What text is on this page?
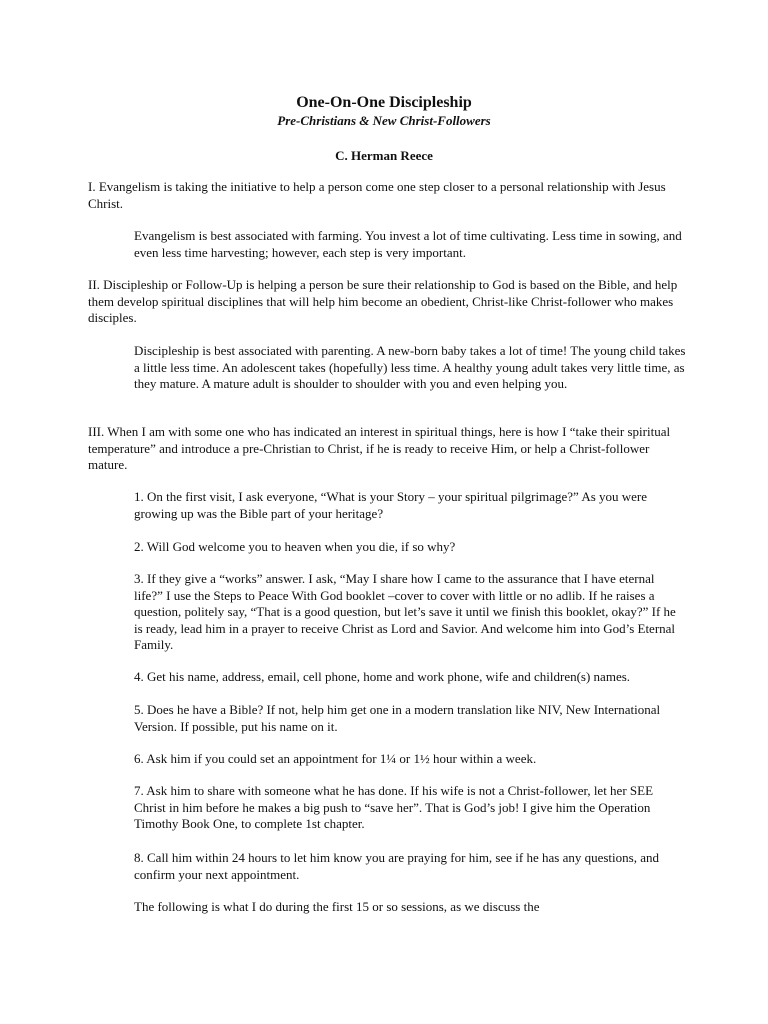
One-On-One Discipleship
Pre-Christians & New Christ-Followers
C. Herman Reece

I. Evangelism is taking the initiative to help a person come one step closer to a personal relationship with Jesus Christ.

Evangelism is best associated with farming. You invest a lot of time cultivating. Less time in sowing, and even less time harvesting; however, each step is very important.

II. Discipleship or Follow-Up is helping a person be sure their relationship to God is based on the Bible, and help them develop spiritual disciplines that will help him become an obedient, Christ-like Christ-follower who makes disciples.

Discipleship is best associated with parenting. A new-born baby takes a lot of time! The young child takes a little less time. An adolescent takes (hopefully) less time. A healthy young adult takes very little time, as they mature. A mature adult is shoulder to shoulder with you and even helping you.

III. When I am with some one who has indicated an interest in spiritual things, here is how I “take their spiritual temperature” and introduce a pre-Christian to Christ, if he is ready to receive Him, or help a Christ-follower mature.

1. On the first visit, I ask everyone, “What is your Story – your spiritual pilgrimage?” As you were growing up was the Bible part of your heritage?

2. Will God welcome you to heaven when you die, if so why?

3. If they give a “works” answer. I ask, “May I share how I came to the assurance that I have eternal life?” I use the Steps to Peace With God booklet –cover to cover with little or no adlib. If he raises a question, politely say, “That is a good question, but let’s save it until we finish this booklet, okay?” If he is ready, lead him in a prayer to receive Christ as Lord and Savior. And welcome him into God’s Eternal Family.

4. Get his name, address, email, cell phone, home and work phone, wife and children(s) names.

5. Does he have a Bible? If not, help him get one in a modern translation like NIV, New International Version. If possible, put his name on it.

6. Ask him if you could set an appointment for 1¼ or 1½ hour within a week.

7. Ask him to share with someone what he has done. If his wife is not a Christ-follower, let her SEE Christ in him before he makes a big push to “save her”. That is God’s job! I give him the Operation Timothy Book One, to complete 1st chapter.

8. Call him within 24 hours to let him know you are praying for him, see if he has any questions, and confirm your next appointment.

The following is what I do during the first 15 or so sessions, as we discuss the
